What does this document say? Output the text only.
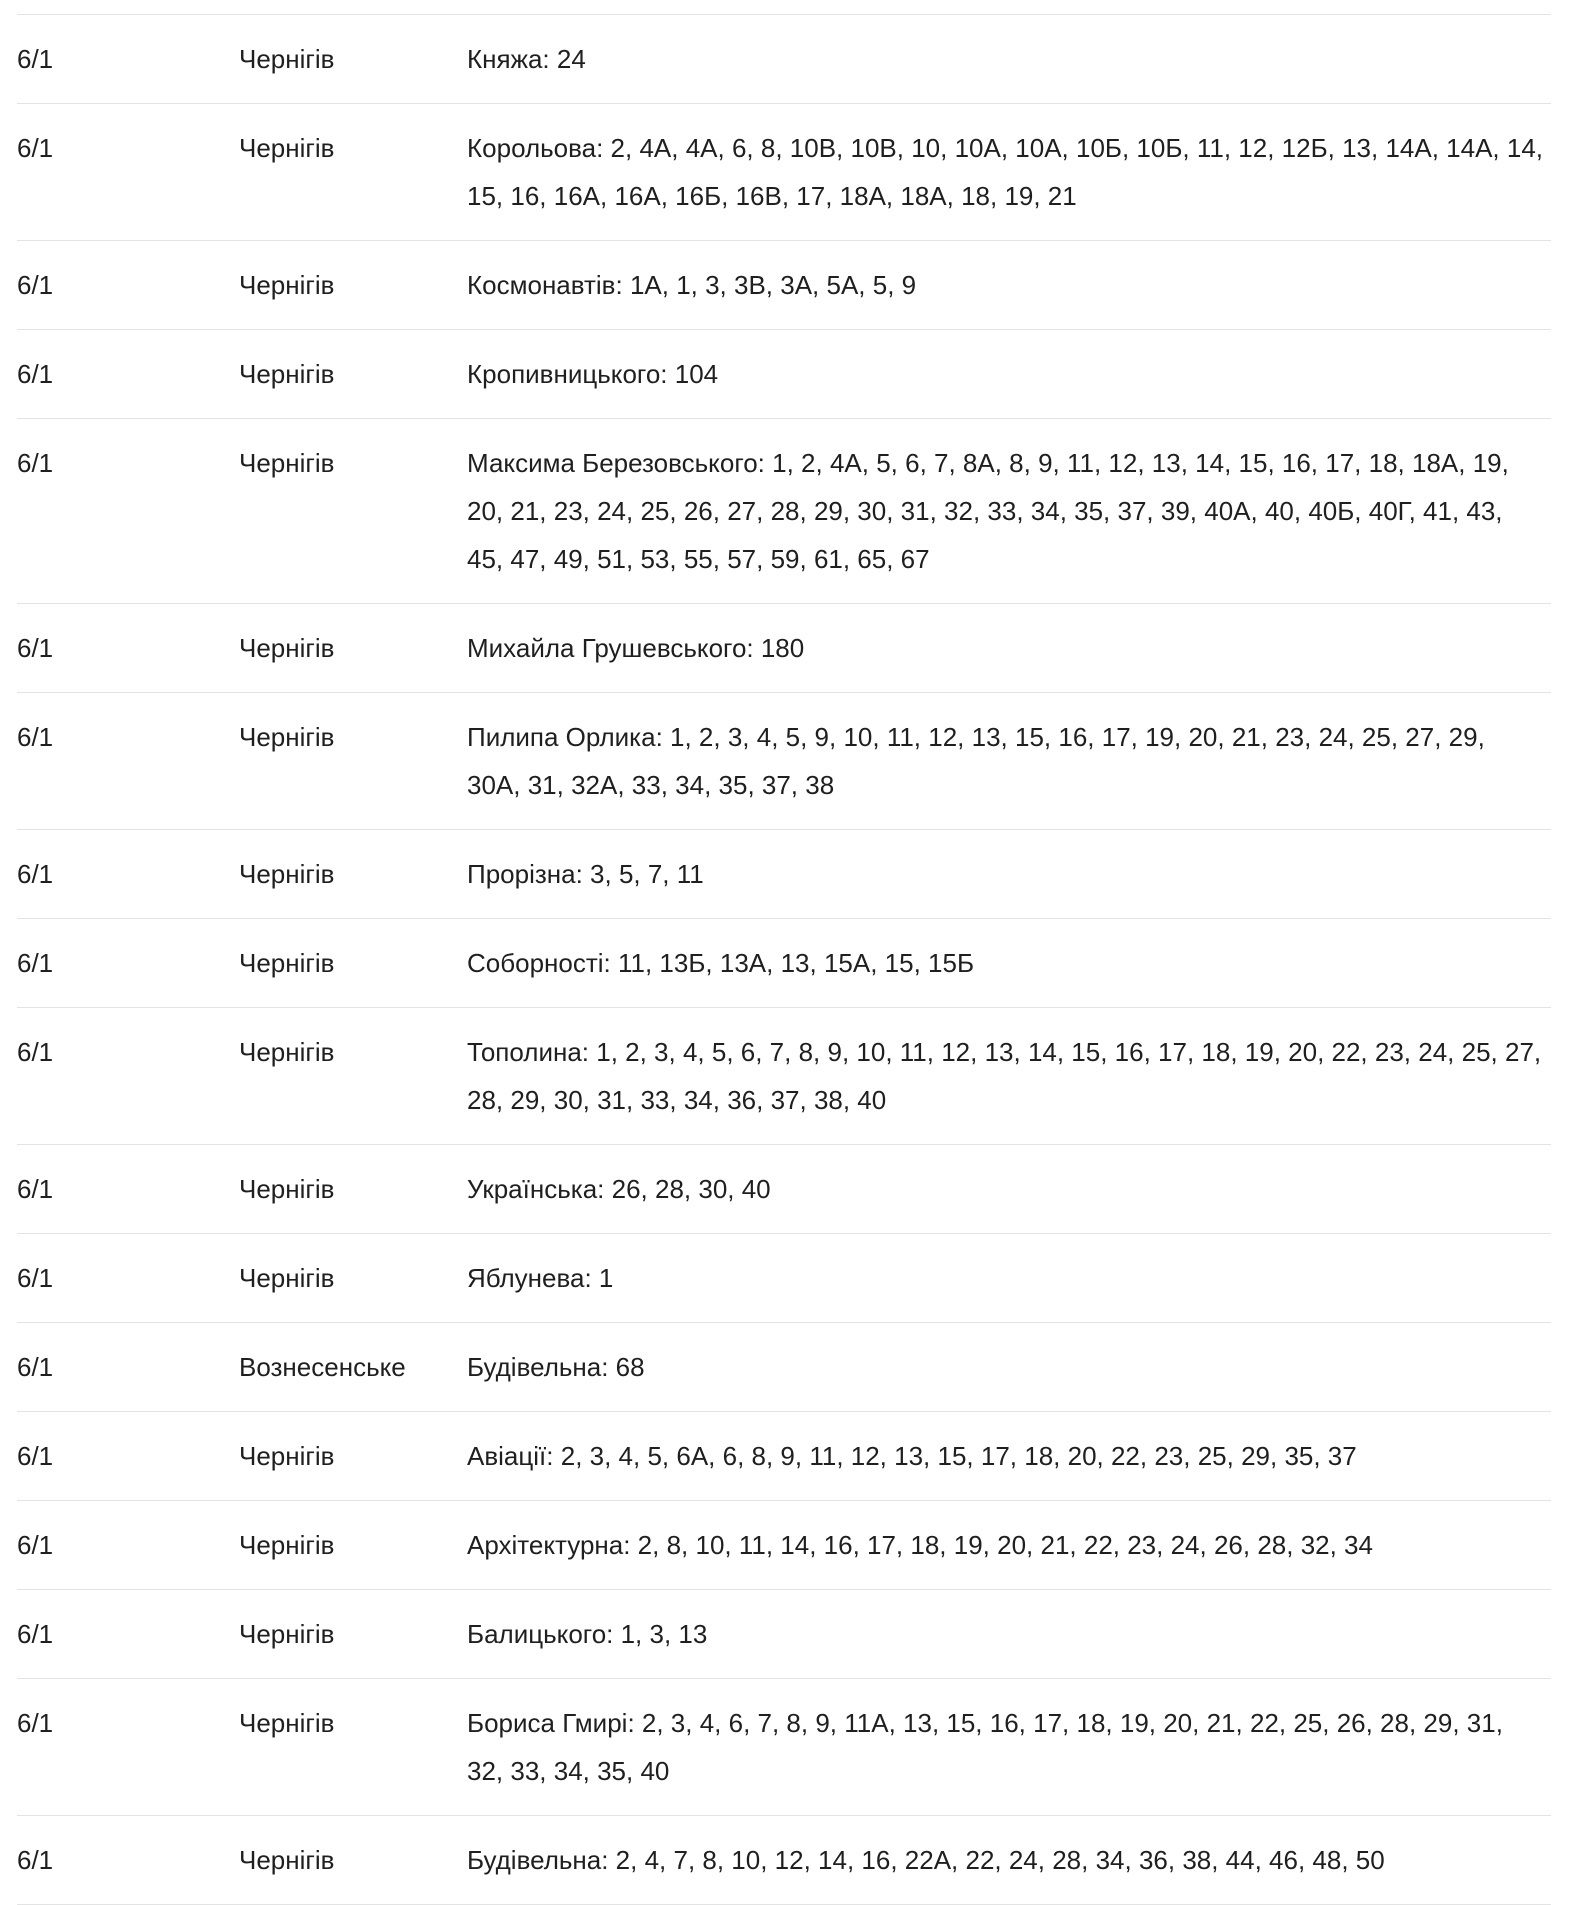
6/1	Чернігів	Княжа: 24
6/1	Чернігів	Корольова: 2, 4А, 4А, 6, 8, 10В, 10В, 10, 10А, 10А, 10Б, 10Б, 11, 12, 12Б, 13, 14А, 14А, 14, 15, 16, 16А, 16А, 16Б, 16В, 17, 18А, 18А, 18, 19, 21
6/1	Чернігів	Космонавтів: 1А, 1, 3, 3В, 3А, 5А, 5, 9
6/1	Чернігів	Кропивницького: 104
6/1	Чернігів	Максима Березовського: 1, 2, 4А, 5, 6, 7, 8А, 8, 9, 11, 12, 13, 14, 15, 16, 17, 18, 18А, 19, 20, 21, 23, 24, 25, 26, 27, 28, 29, 30, 31, 32, 33, 34, 35, 37, 39, 40А, 40, 40Б, 40Г, 41, 43, 45, 47, 49, 51, 53, 55, 57, 59, 61, 65, 67
6/1	Чернігів	Михайла Грушевського: 180
6/1	Чернігів	Пилипа Орлика: 1, 2, 3, 4, 5, 9, 10, 11, 12, 13, 15, 16, 17, 19, 20, 21, 23, 24, 25, 27, 29, 30А, 31, 32А, 33, 34, 35, 37, 38
6/1	Чернігів	Прорізна: 3, 5, 7, 11
6/1	Чернігів	Соборності: 11, 13Б, 13А, 13, 15А, 15, 15Б
6/1	Чернігів	Тополина: 1, 2, 3, 4, 5, 6, 7, 8, 9, 10, 11, 12, 13, 14, 15, 16, 17, 18, 19, 20, 22, 23, 24, 25, 27, 28, 29, 30, 31, 33, 34, 36, 37, 38, 40
6/1	Чернігів	Українська: 26, 28, 30, 40
6/1	Чернігів	Яблунева: 1
6/1	Вознесенське	Будівельна: 68
6/1	Чернігів	Авіації: 2, 3, 4, 5, 6А, 6, 8, 9, 11, 12, 13, 15, 17, 18, 20, 22, 23, 25, 29, 35, 37
6/1	Чернігів	Архітектурна: 2, 8, 10, 11, 14, 16, 17, 18, 19, 20, 21, 22, 23, 24, 26, 28, 32, 34
6/1	Чернігів	Балицького: 1, 3, 13
6/1	Чернігів	Бориса Гмирі: 2, 3, 4, 6, 7, 8, 9, 11А, 13, 15, 16, 17, 18, 19, 20, 21, 22, 25, 26, 28, 29, 31, 32, 33, 34, 35, 40
6/1	Чернігів	Будівельна: 2, 4, 7, 8, 10, 12, 14, 16, 22А, 22, 24, 28, 34, 36, 38, 44, 46, 48, 50
